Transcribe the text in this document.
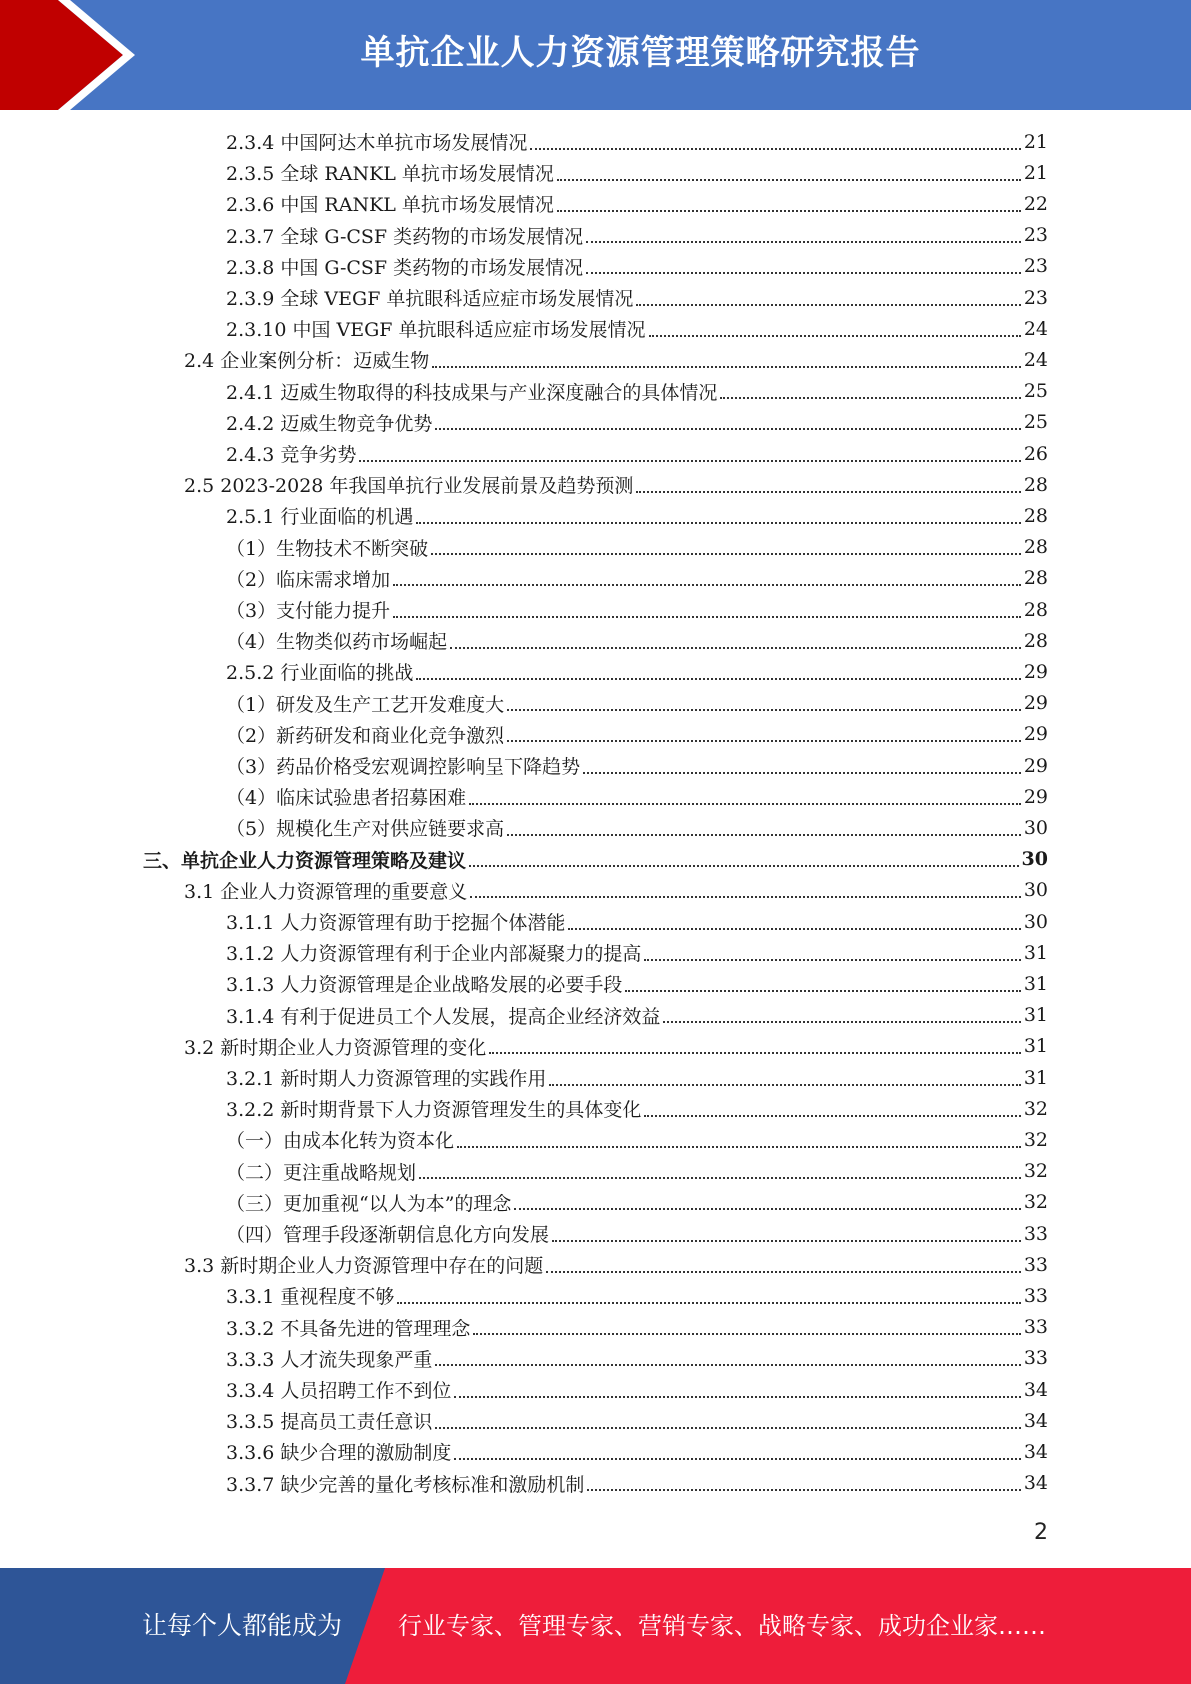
单抗企业人力资源管理策略研究报告
2.3.4 中国阿达木单抗市场发展情况	21
2.3.5 全球 RANKL 单抗市场发展情况	21
2.3.6 中国 RANKL 单抗市场发展情况	22
2.3.7 全球 G-CSF 类药物的市场发展情况	23
2.3.8 中国 G-CSF 类药物的市场发展情况	23
2.3.9 全球 VEGF 单抗眼科适应症市场发展情况	23
2.3.10 中国 VEGF 单抗眼科适应症市场发展情况	24
2.4 企业案例分析：迈威生物	24
2.4.1 迈威生物取得的科技成果与产业深度融合的具体情况	25
2.4.2 迈威生物竞争优势	25
2.4.3 竞争劣势	26
2.5 2023-2028 年我国单抗行业发展前景及趋势预测	28
2.5.1 行业面临的机遇	28
（1）生物技术不断突破	28
（2）临床需求增加	28
（3）支付能力提升	28
（4）生物类似药市场崛起	28
2.5.2 行业面临的挑战	29
（1）研发及生产工艺开发难度大	29
（2）新药研发和商业化竞争激烈	29
（3）药品价格受宏观调控影响呈下降趋势	29
（4）临床试验患者招募困难	29
（5）规模化生产对供应链要求高	30
三、单抗企业人力资源管理策略及建议	30
3.1 企业人力资源管理的重要意义	30
3.1.1 人力资源管理有助于挖掘个体潜能	30
3.1.2 人力资源管理有利于企业内部凝聚力的提高	31
3.1.3 人力资源管理是企业战略发展的必要手段	31
3.1.4 有利于促进员工个人发展，提高企业经济效益	31
3.2 新时期企业人力资源管理的变化	31
3.2.1 新时期人力资源管理的实践作用	31
3.2.2 新时期背景下人力资源管理发生的具体变化	32
（一）由成本化转为资本化	32
（二）更注重战略规划	32
（三）更加重视“以人为本”的理念	32
（四）管理手段逐渐朝信息化方向发展	33
3.3 新时期企业人力资源管理中存在的问题	33
3.3.1 重视程度不够	33
3.3.2 不具备先进的管理理念	33
3.3.3 人才流失现象严重	33
3.3.4 人员招聘工作不到位	34
3.3.5 提高员工责任意识	34
3.3.6 缺少合理的激励制度	34
3.3.7 缺少完善的量化考核标准和激励机制	34
2
让每个人都能成为 行业专家、管理专家、营销专家、战略专家、成功企业家……
